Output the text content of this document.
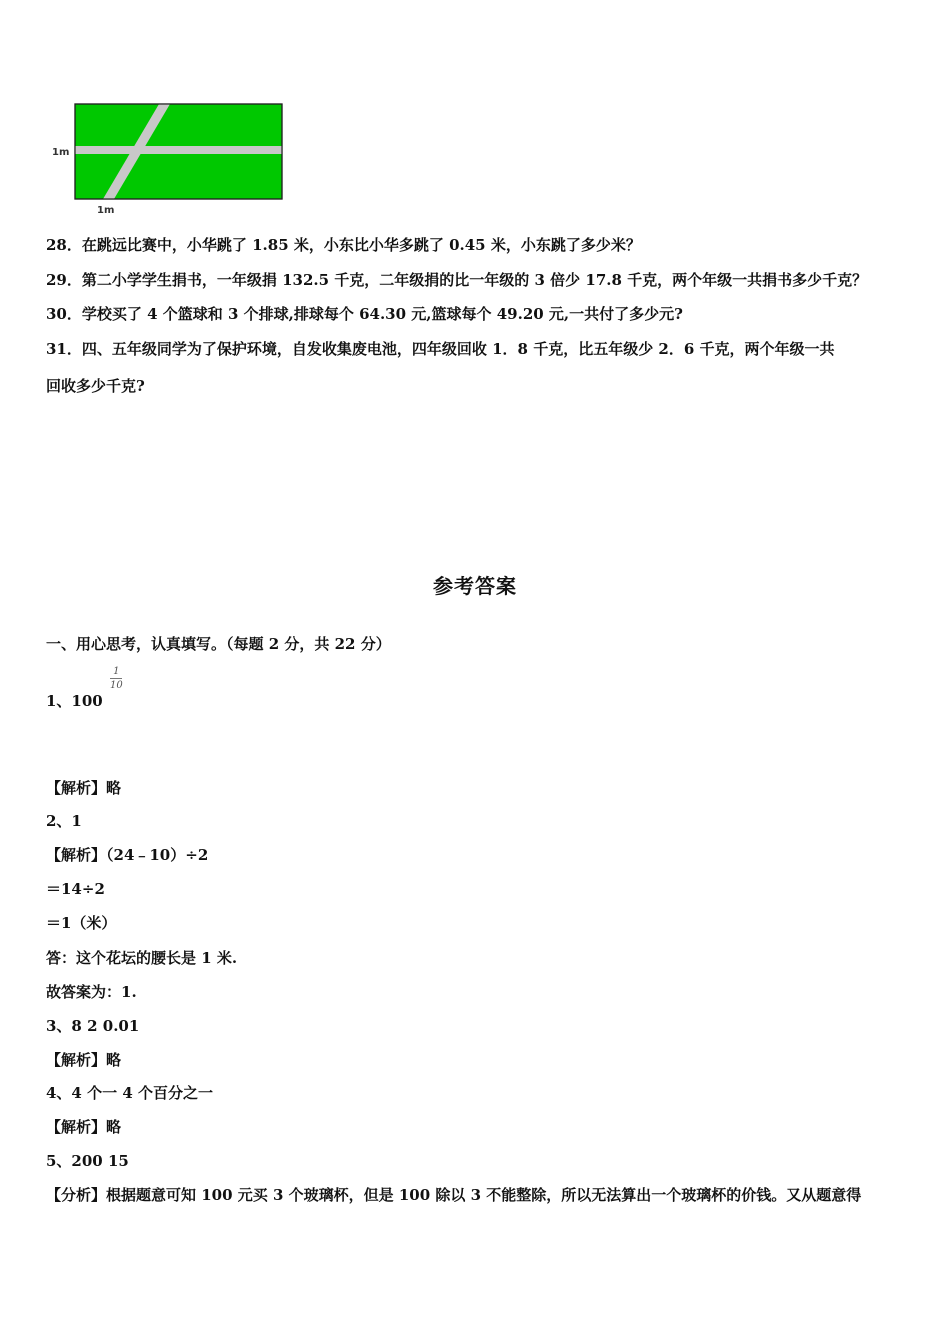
1m
1m
28．在跳远比赛中，小华跳了 1.85 米，小东比小华多跳了 0.45 米，小东跳了多少米？
29．第二小学学生捐书，一年级捐 132.5 千克，二年级捐的比一年级的 3 倍少 17.8 千克，两个年级一共捐书多少千克？
30．学校买了 4 个篮球和 3 个排球,排球每个 64.30 元,篮球每个 49.20 元,一共付了多少元?
31．四、五年级同学为了保护环境，自发收集废电池，四年级回收 1．8 千克，比五年级少 2．6 千克，两个年级一共
回收多少千克?
参考答案
一、用心思考，认真填写。（每题 2 分，共 22 分）
1
10
1、100
【解析】略
2、1
【解析】（24﹣10）÷2
＝14÷2
＝1（米）
答：这个花坛的腰长是 1 米.
故答案为：1.
3、8 2 0.01
【解析】略
4、4 个一 4 个百分之一
【解析】略
5、200 15
【分析】根据题意可知 100 元买 3 个玻璃杯，但是 100 除以 3 不能整除，所以无法算出一个玻璃杯的价钱。又从题意得
